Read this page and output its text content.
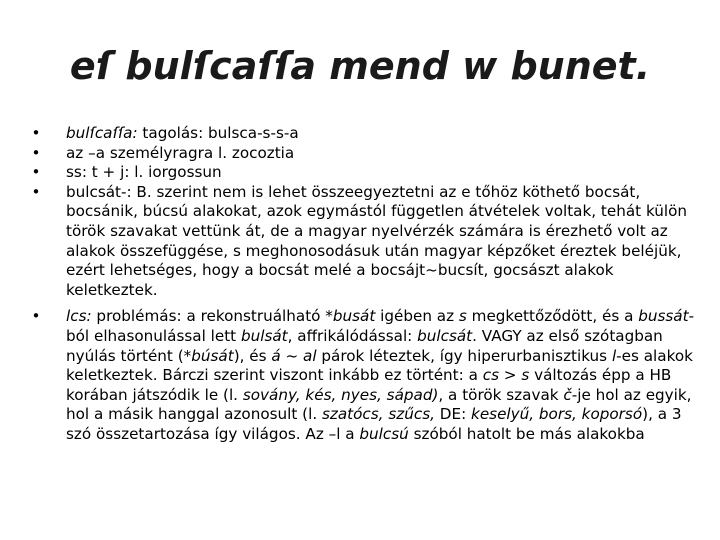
eſ bulſcaſſa mend w bunet.
• bulſcaſſa: tagolás: bulsca-s-s-a
• az –a személyragra l. zocoztia
• ss: t + j: l. iorgossun
• bulcsát-: B. szerint nem is lehet összeegyeztetni az e tőhöz köthető bocsát, bocsánik, búcsú alakokat, azok egymástól független átvételek voltak, tehát külön török szavakat vettünk át, de a magyar nyelvérzék számára is érezhető volt az alakok összefüggése, s meghonosodásuk után magyar képzőket éreztek beléjük, ezért lehetséges, hogy a bocsát melé a bocsájt~bucsít, gocsászt alakok keletkeztek.
• lcs: problémás: a rekonstruálható *busát igében az s megkettőződött, és a bussát-ból elhasonulással lett bulsát, affrikálódással: bulcsát. VAGY az első szótagban nyúlás történt (*búsát), és á ~ al párok léteztek, így hiperurbanisztikus l-es alakok keletkeztek. Bárczi szerint viszont inkább ez történt: a cs > s változás épp a HB korában játszódik le (l. sovány, kés, nyes, sápad), a török szavak č-je hol az egyik, hol a másik hanggal azonosult (l. szatócs, szűcs, DE: keselyű, bors, koporsó), a 3 szó összetartozása így világos. Az –l a bulcsú szóból hatolt be más alakokba
